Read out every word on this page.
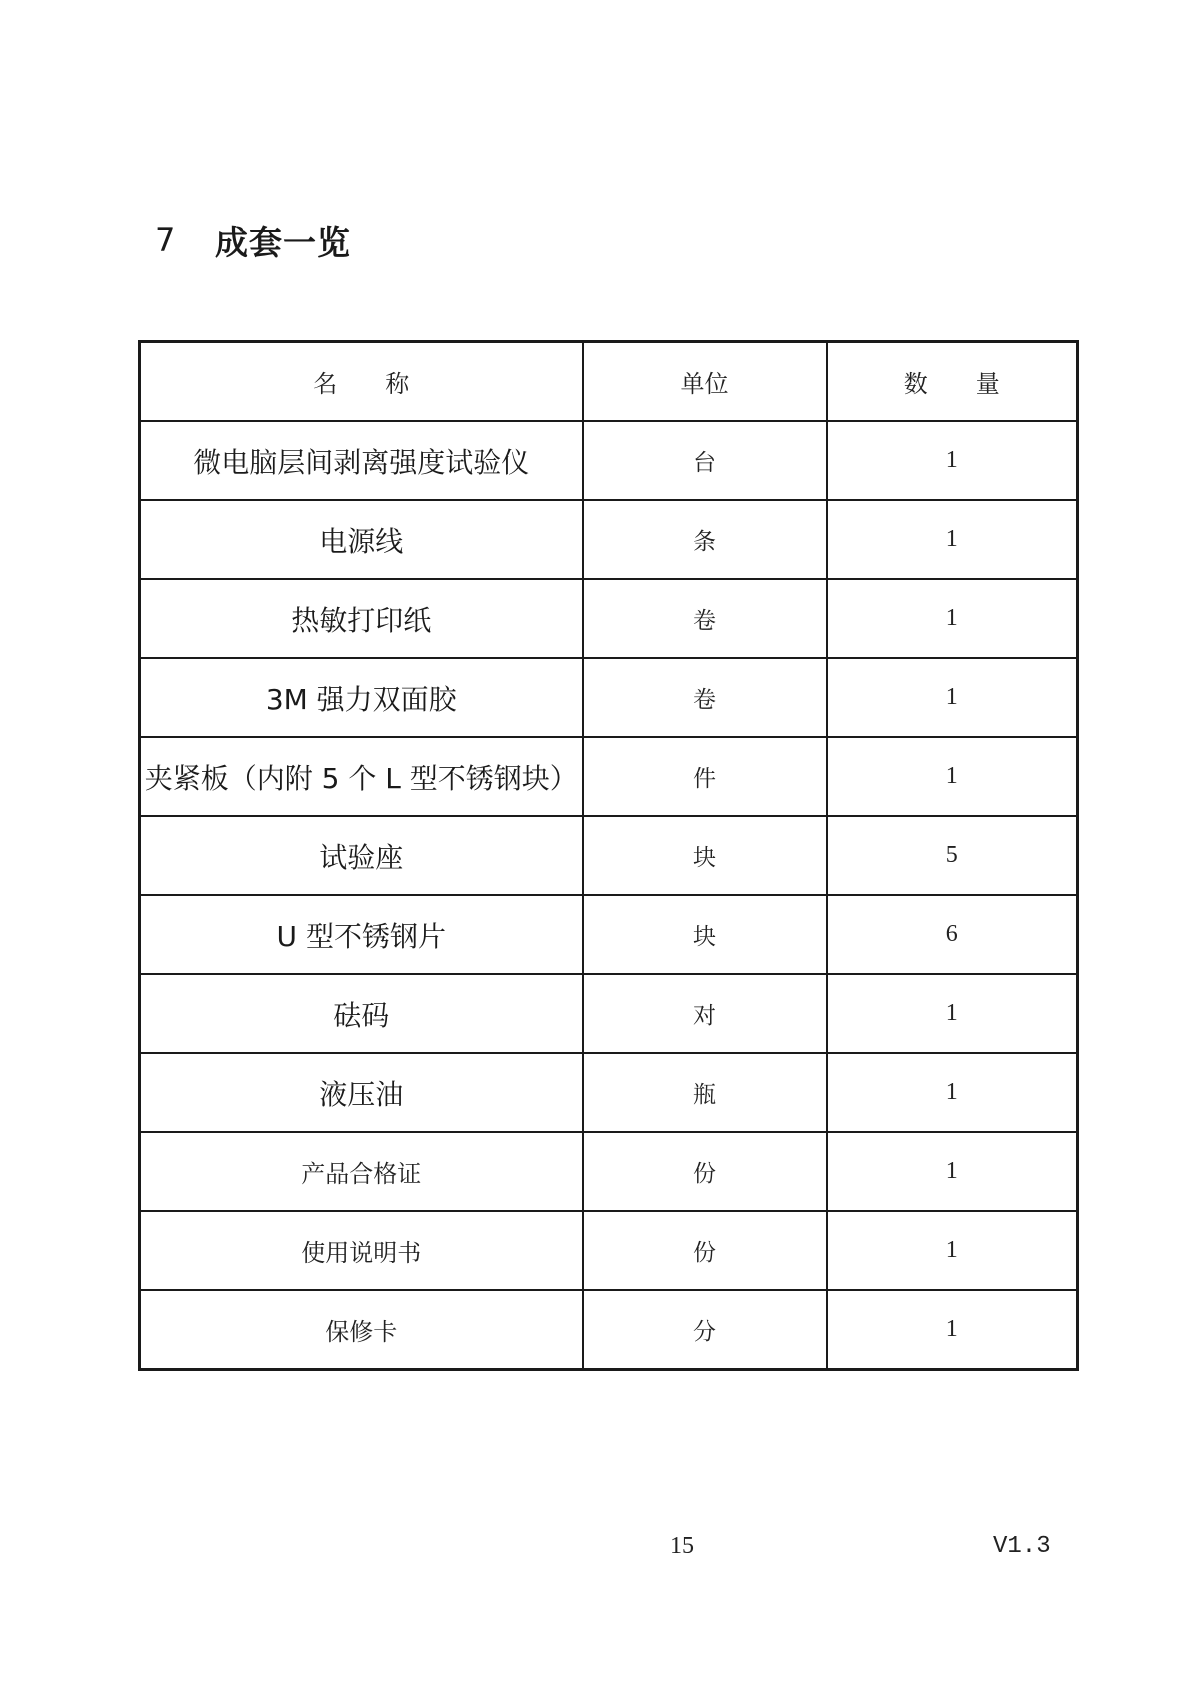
7	成套一览
名　　称	单位	数　　量
微电脑层间剥离强度试验仪	台	1
电源线	条	1
热敏打印纸	卷	1
3M 强力双面胶	卷	1
夹紧板（内附 5 个 L 型不锈钢块）	件	1
试验座	块	5
U 型不锈钢片	块	6
砝码	对	1
液压油	瓶	1
产品合格证	份	1
使用说明书	份	1
保修卡	分	1
15	V1.3
